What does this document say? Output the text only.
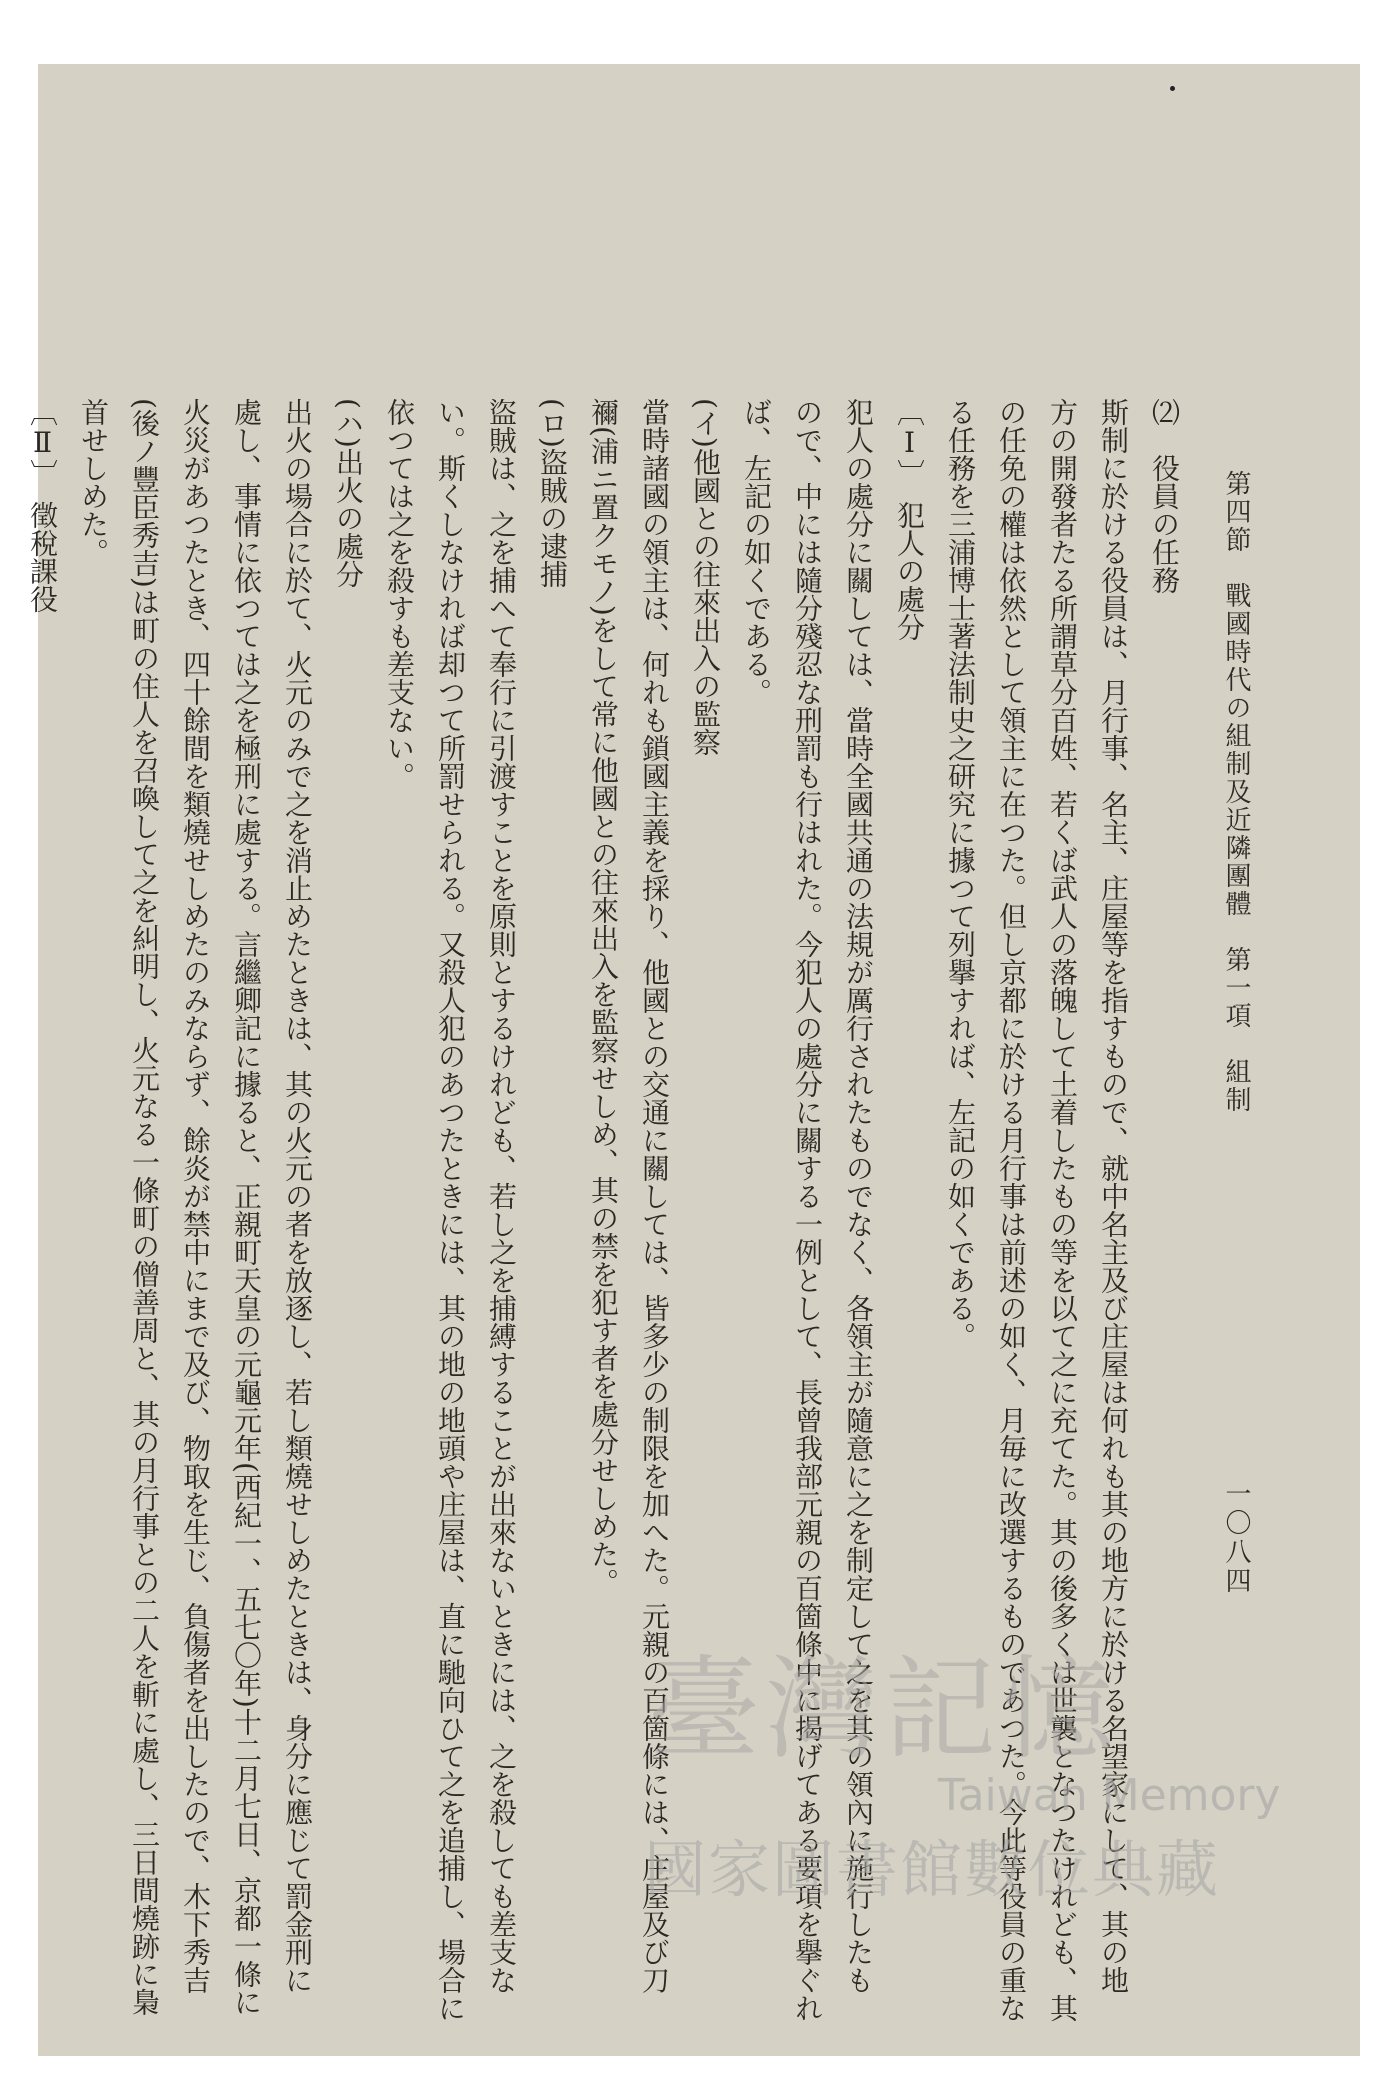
第四節　戰國時代の組制及近隣團體　第一項　組制
一〇八四
⑵　役員の任務
斯制に於ける役員は、月行事、名主、庄屋等を指すもので、就中名主及び庄屋は何れも其の地方に於ける名望家にして、其の地
方の開發者たる所謂草分百姓、若くば武人の落魄して土着したもの等を以て之に充てた。其の後多くは世襲となつたけれども、其
の任免の權は依然として領主に在つた。但し京都に於ける月行事は前述の如く、月毎に改選するものであつた。今此等役員の重な
る任務を三浦博士著法制史之研究に據つて列擧すれば、左記の如くである。
〔Ⅰ〕　犯人の處分
犯人の處分に關しては、當時全國共通の法規が厲行されたものでなく、各領主が隨意に之を制定して之を其の領內に施行したも
ので、中には隨分殘忍な刑罰も行はれた。今犯人の處分に關する一例として、長曾我部元親の百箇條中に揭げてある要項を擧ぐれ
ば、左記の如くである。
(イ)他國との往來出入の監察
當時諸國の領主は、何れも鎖國主義を採り、他國との交通に關しては、皆多少の制限を加へた。元親の百箇條には、庄屋及び刀
禰(浦ニ置クモノ)をして常に他國との往來出入を監察せしめ、其の禁を犯す者を處分せしめた。
(ロ)盜賊の逮捕
盜賊は、之を捕へて奉行に引渡すことを原則とするけれども、若し之を捕縛することが出來ないときには、之を殺しても差支な
い。斯くしなければ却つて所罰せられる。又殺人犯のあつたときには、其の地の地頭や庄屋は、直に馳向ひて之を追捕し、場合に
依つては之を殺すも差支ない。
(ハ)出火の處分
出火の場合に於て、火元のみで之を消止めたときは、其の火元の者を放逐し、若し類燒せしめたときは、身分に應じて罰金刑に
處し、事情に依つては之を極刑に處する。言繼卿記に據ると、正親町天皇の元龜元年(西紀一、五七〇年)十二月七日、京都一條に
火災があつたとき、四十餘間を類燒せしめたのみならず、餘炎が禁中にまで及び、物取を生じ、負傷者を出したので、木下秀吉
(後ノ豐臣秀吉)は町の住人を召喚して之を糾明し、火元なる一條町の僧善周と、其の月行事との二人を斬に處し、三日間燒跡に梟
首せしめた。
〔Ⅱ〕　徵稅課役
臺灣記憶
Taiwan Memory
國家圖書館數位典藏
